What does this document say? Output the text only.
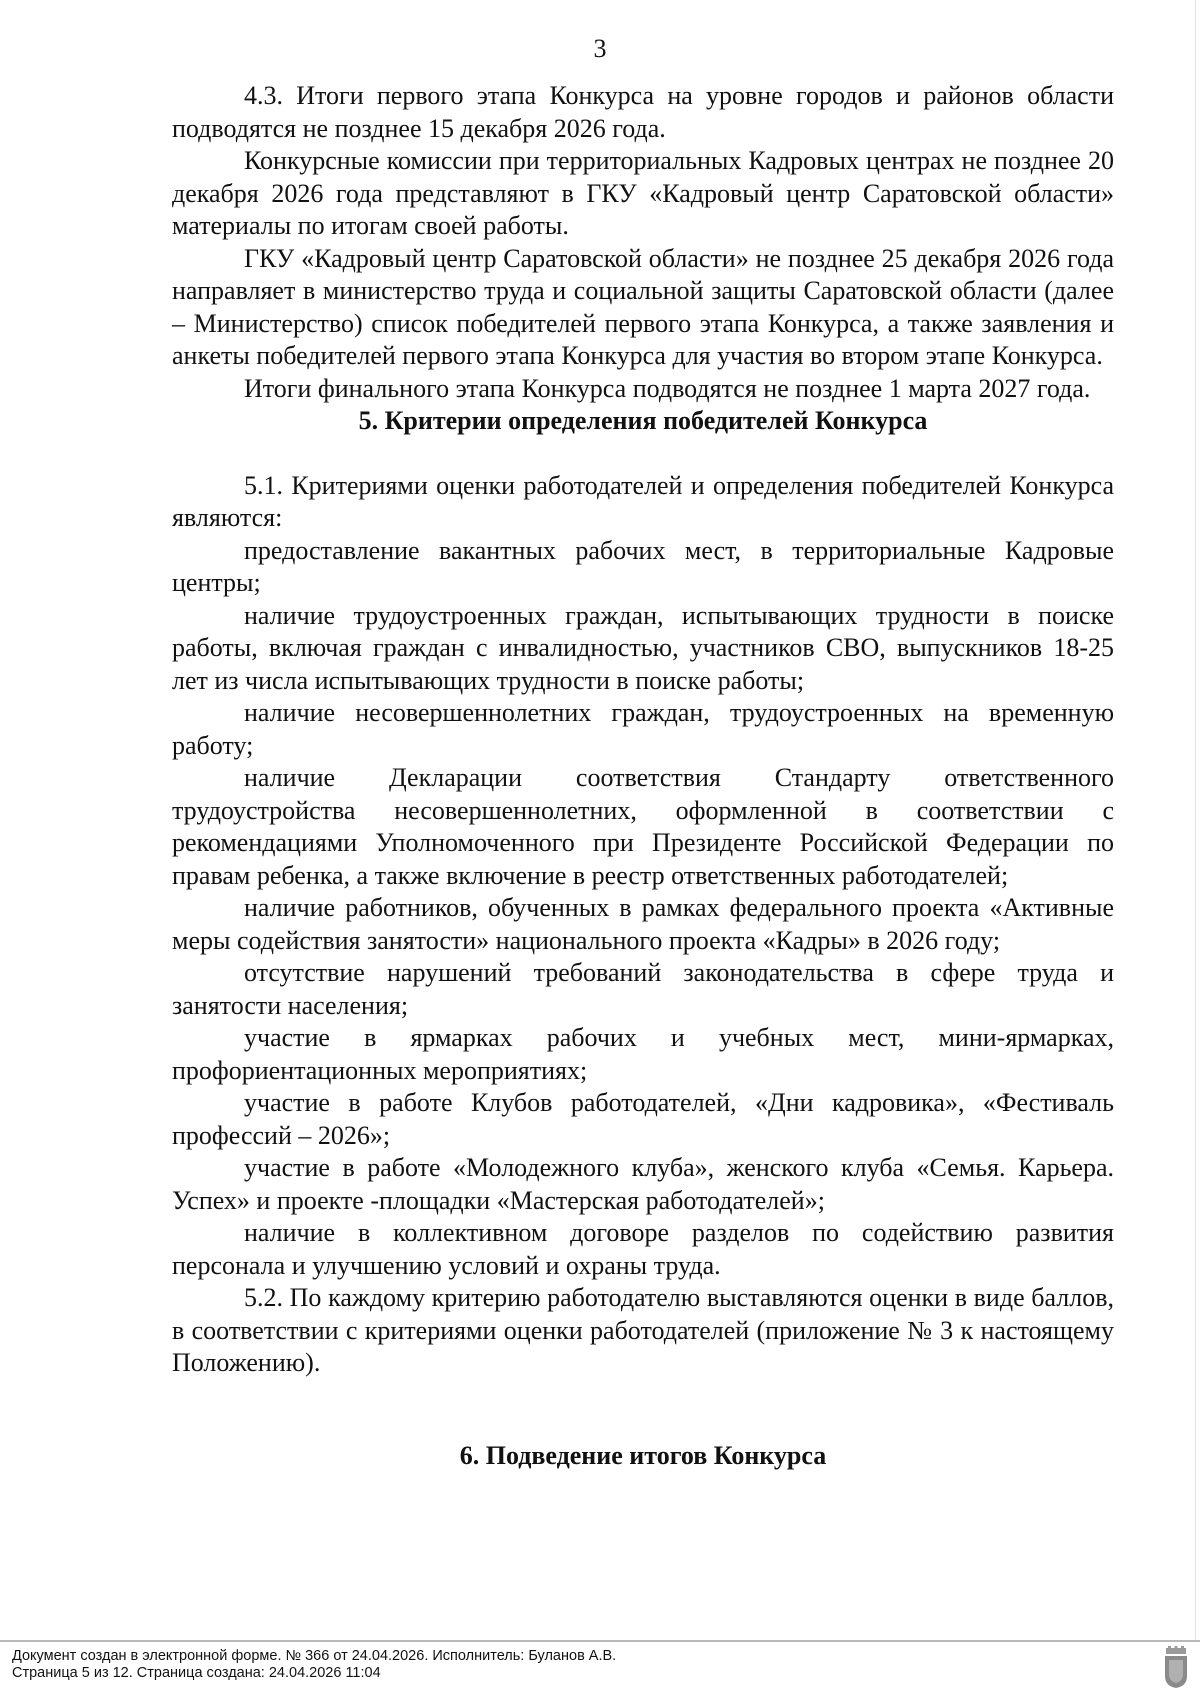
3

4.3. Итоги первого этапа Конкурса на уровне городов и районов области подводятся не позднее 15 декабря 2026 года.

Конкурсные комиссии при территориальных Кадровых центрах не позднее 20 декабря 2026 года представляют в ГКУ «Кадровый центр Саратовской области» материалы по итогам своей работы.

ГКУ «Кадровый центр Саратовской области» не позднее 25 декабря 2026 года направляет в министерство труда и социальной защиты Саратовской области (далее – Министерство) список победителей первого этапа Конкурса, а также заявления и анкеты победителей первого этапа Конкурса для участия во втором этапе Конкурса.

Итоги финального этапа Конкурса подводятся не позднее 1 марта 2027 года.

5. Критерии определения победителей Конкурса

5.1. Критериями оценки работодателей и определения победителей Конкурса являются:

предоставление вакантных рабочих мест, в территориальные Кадровые центры;

наличие трудоустроенных граждан, испытывающих трудности в поиске работы, включая граждан с инвалидностью, участников СВО, выпускников 18-25 лет из числа испытывающих трудности в поиске работы;

наличие несовершеннолетних граждан, трудоустроенных на временную работу;

наличие Декларации соответствия Стандарту ответственного трудоустройства несовершеннолетних, оформленной в соответствии с рекомендациями Уполномоченного при Президенте Российской Федерации по правам ребенка, а также включение в реестр ответственных работодателей;

наличие работников, обученных в рамках федерального проекта «Активные меры содействия занятости» национального проекта «Кадры» в 2026 году;

отсутствие нарушений требований законодательства в сфере труда и занятости населения;

участие в ярмарках рабочих и учебных мест, мини-ярмарках, профориентационных мероприятиях;

участие в работе Клубов работодателей, «Дни кадровика», «Фестиваль профессий – 2026»;

участие в работе «Молодежного клуба», женского клуба «Семья. Карьера. Успех» и проекте -площадки «Мастерская работодателей»;

наличие в коллективном договоре разделов по содействию развития персонала и улучшению условий и охраны труда.

5.2. По каждому критерию работодателю выставляются оценки в виде баллов, в соответствии с критериями оценки работодателей (приложение № 3 к настоящему Положению).

6. Подведение итогов Конкурса

Документ создан в электронной форме. № 366 от 24.04.2026. Исполнитель: Буланов А.В.
Страница 5 из 12. Страница создана: 24.04.2026 11:04
